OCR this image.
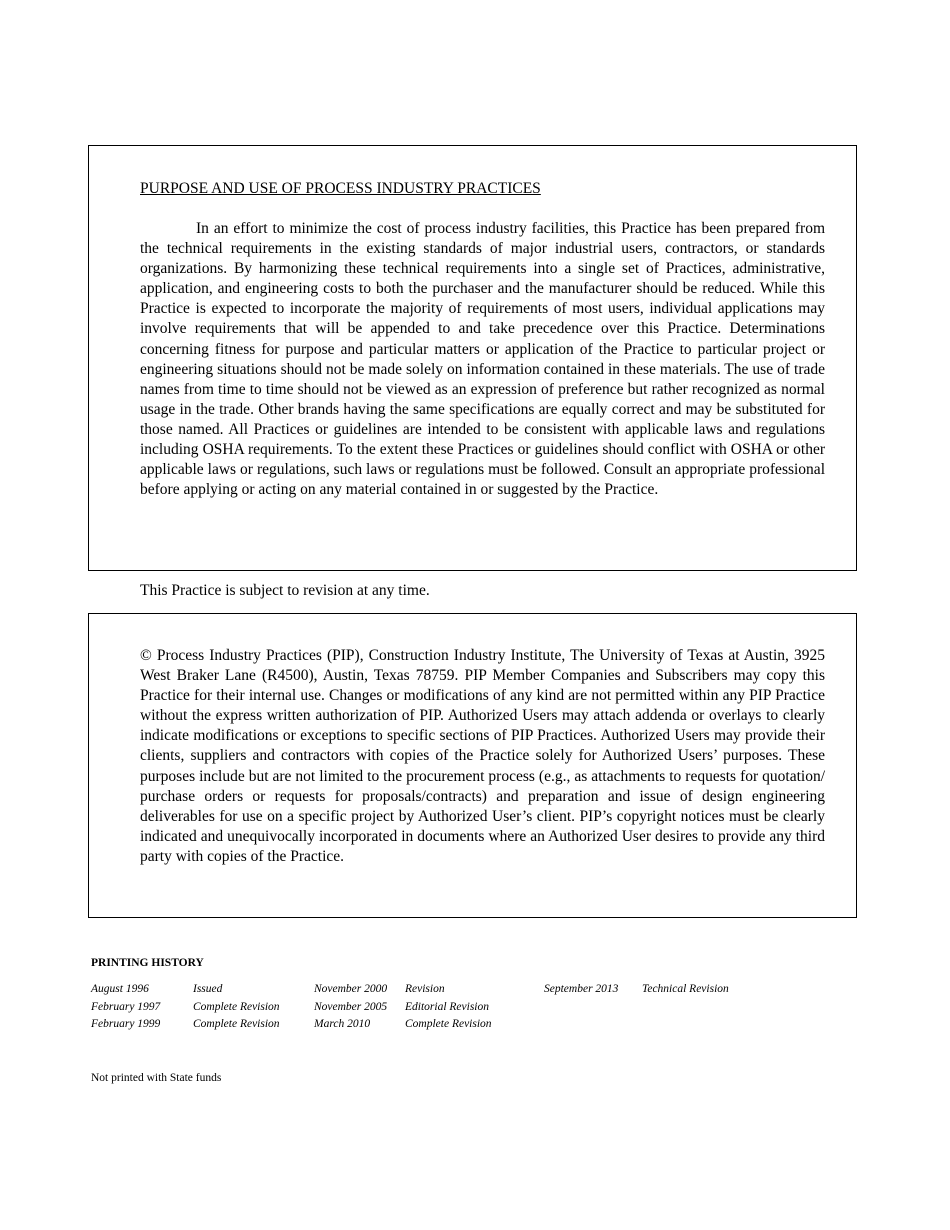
PURPOSE AND USE OF PROCESS INDUSTRY PRACTICES

In an effort to minimize the cost of process industry facilities, this Practice has been prepared from the technical requirements in the existing standards of major industrial users, contractors, or standards organizations. By harmonizing these technical requirements into a single set of Practices, administrative, application, and engineering costs to both the purchaser and the manufacturer should be reduced. While this Practice is expected to incorporate the majority of requirements of most users, individual applications may involve requirements that will be appended to and take precedence over this Practice. Determinations concerning fitness for purpose and particular matters or application of the Practice to particular project or engineering situations should not be made solely on information contained in these materials. The use of trade names from time to time should not be viewed as an expression of preference but rather recognized as normal usage in the trade. Other brands having the same specifications are equally correct and may be substituted for those named. All Practices or guidelines are intended to be consistent with applicable laws and regulations including OSHA requirements. To the extent these Practices or guidelines should conflict with OSHA or other applicable laws or regulations, such laws or regulations must be followed. Consult an appropriate professional before applying or acting on any material contained in or suggested by the Practice.

This Practice is subject to revision at any time.

© Process Industry Practices (PIP), Construction Industry Institute, The University of Texas at Austin, 3925 West Braker Lane (R4500), Austin, Texas 78759. PIP Member Companies and Subscribers may copy this Practice for their internal use. Changes or modifications of any kind are not permitted within any PIP Practice without the express written authorization of PIP. Authorized Users may attach addenda or overlays to clearly indicate modifications or exceptions to specific sections of PIP Practices. Authorized Users may provide their clients, suppliers and contractors with copies of the Practice solely for Authorized Users’ purposes. These purposes include but are not limited to the procurement process (e.g., as attachments to requests for quotation/ purchase orders or requests for proposals/contracts) and preparation and issue of design engineering deliverables for use on a specific project by Authorized User’s client. PIP’s copyright notices must be clearly indicated and unequivocally incorporated in documents where an Authorized User desires to provide any third party with copies of the Practice.

PRINTING HISTORY
August 1996	Issued	November 2000	Revision	September 2013	Technical Revision
February 1997	Complete Revision	November 2005	Editorial Revision		
February 1999	Complete Revision	March 2010	Complete Revision		
Not printed with State funds
